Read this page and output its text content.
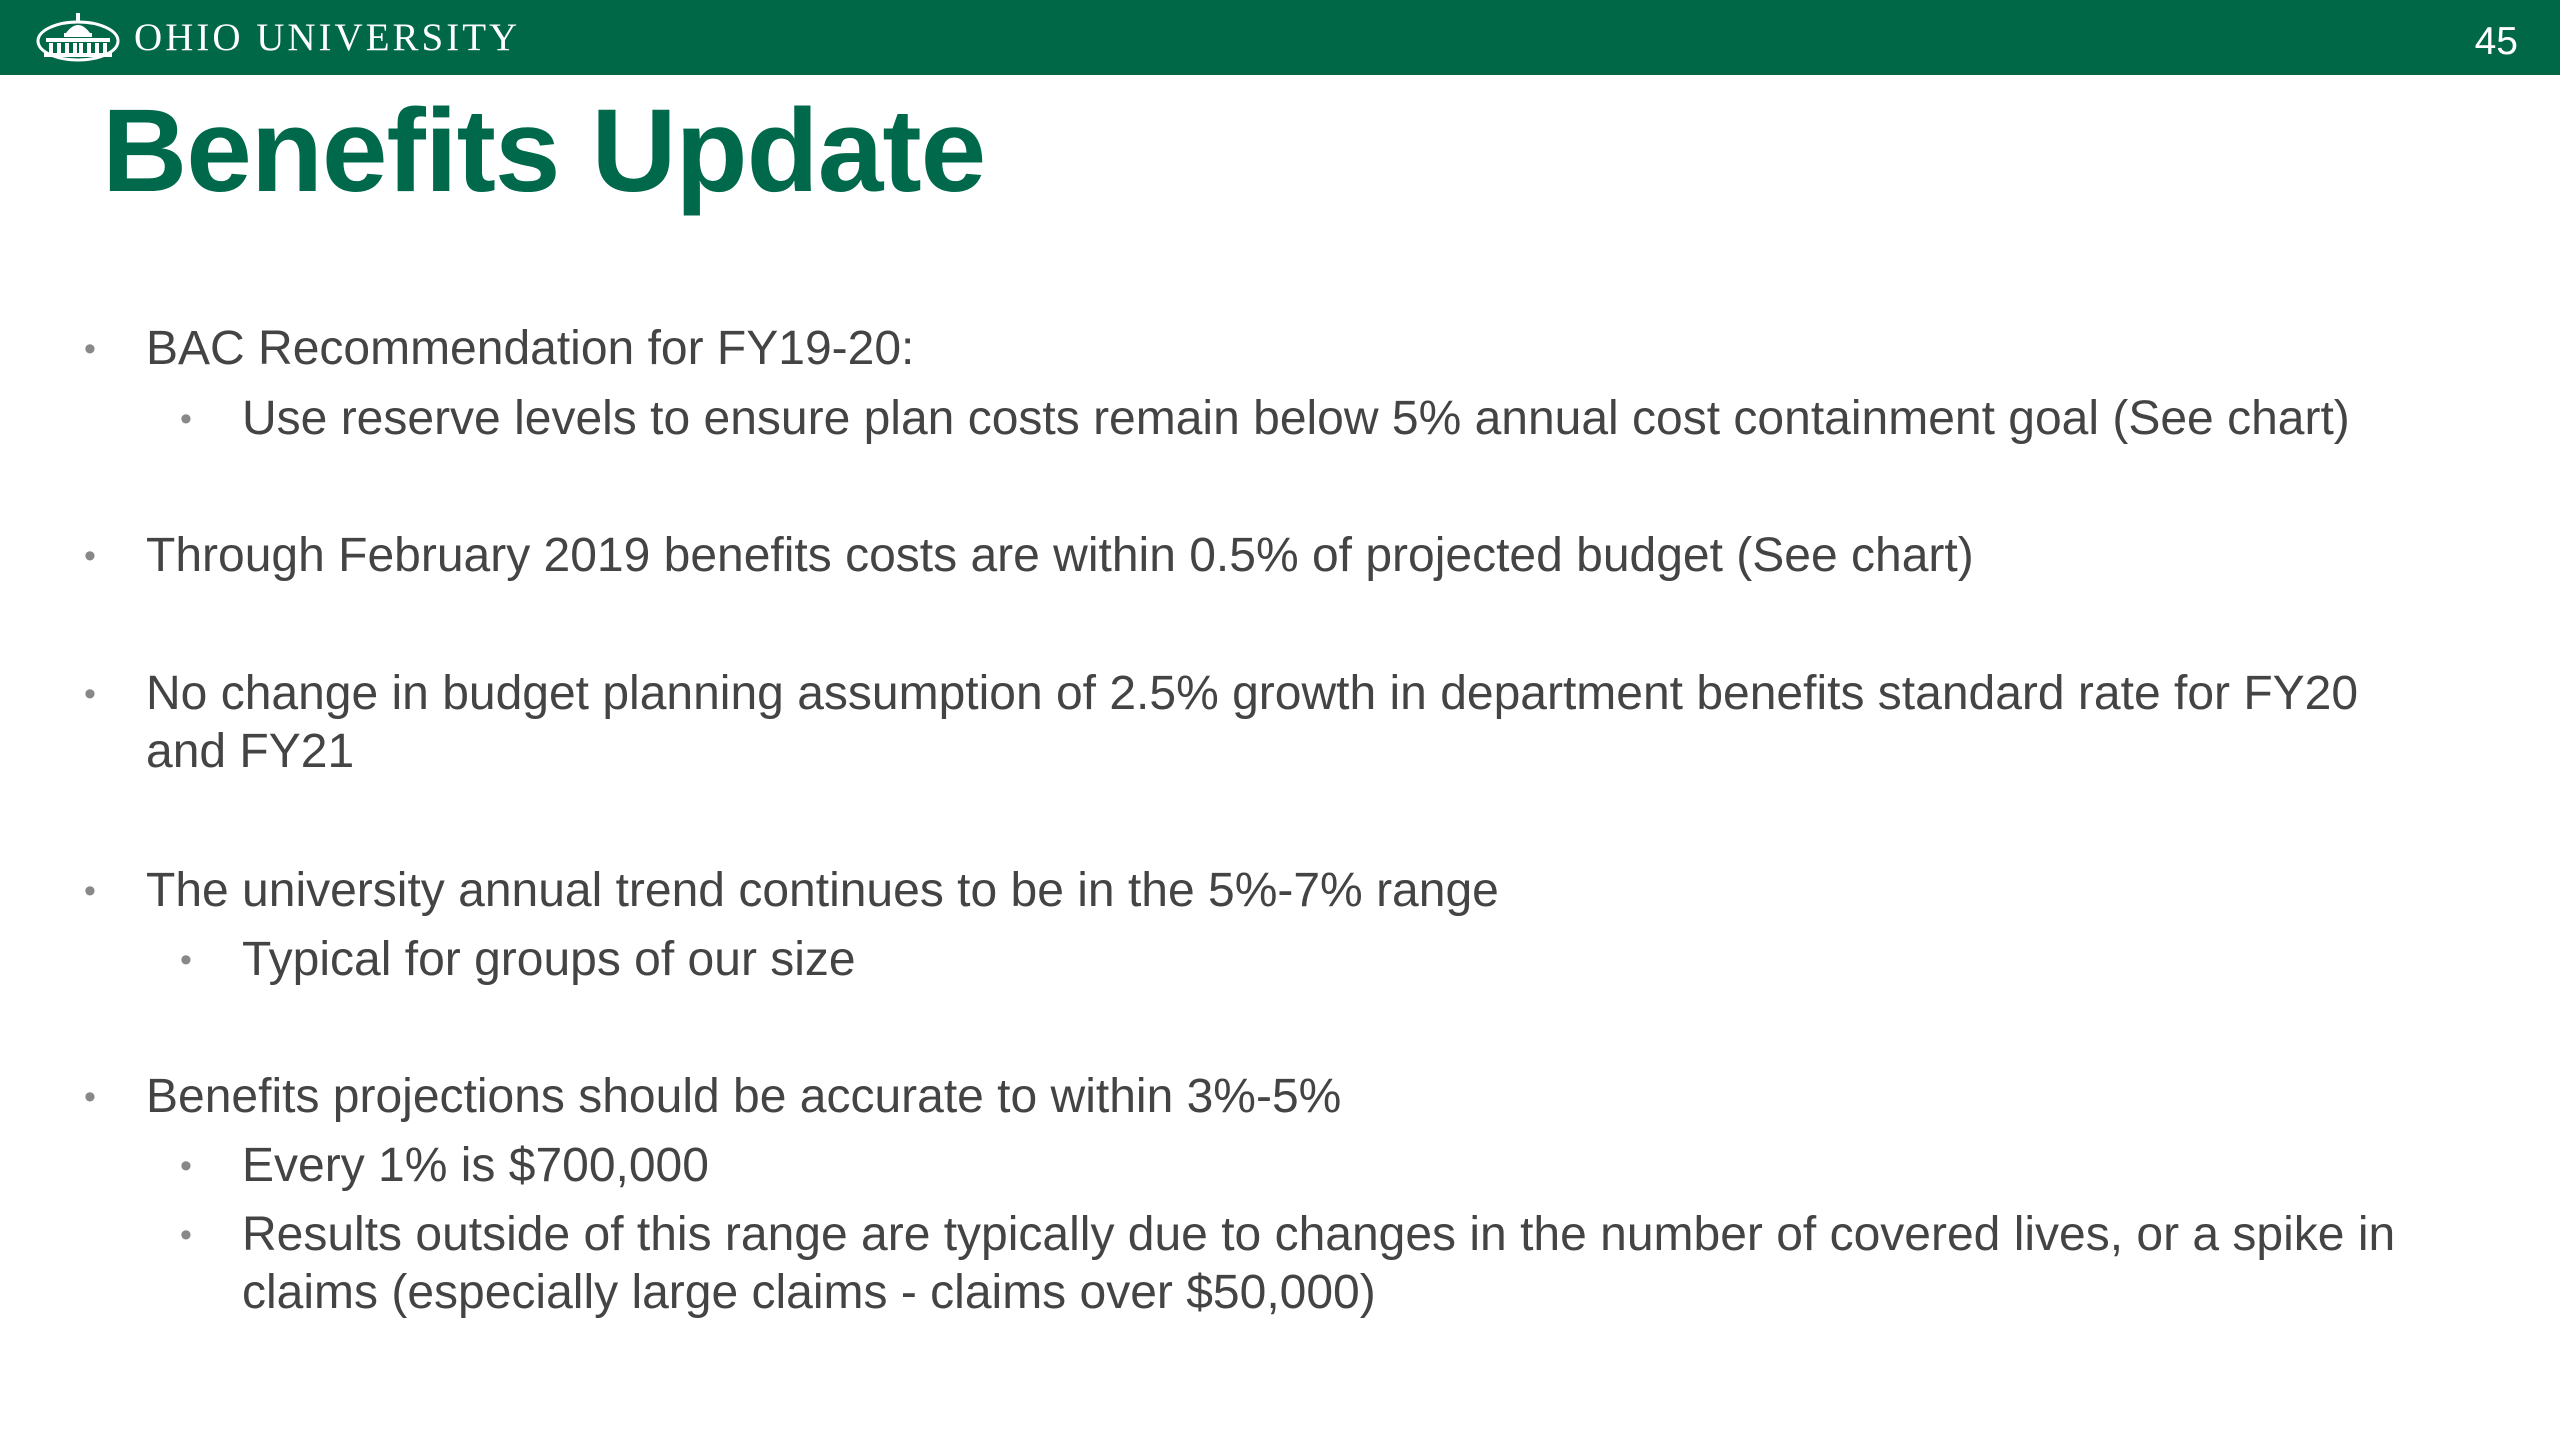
OHIO UNIVERSITY	45
Benefits Update
• BAC Recommendation for FY19-20:
• Use reserve levels to ensure plan costs remain below 5% annual cost containment goal (See chart)
• Through February 2019 benefits costs are within 0.5% of projected budget (See chart)
• No change in budget planning assumption of 2.5% growth in department benefits standard rate for FY20 and FY21
• The university annual trend continues to be in the 5%-7% range
• Typical for groups of our size
• Benefits projections should be accurate to within 3%-5%
• Every 1% is $700,000
• Results outside of this range are typically due to changes in the number of covered lives, or a spike in claims (especially large claims - claims over $50,000)
